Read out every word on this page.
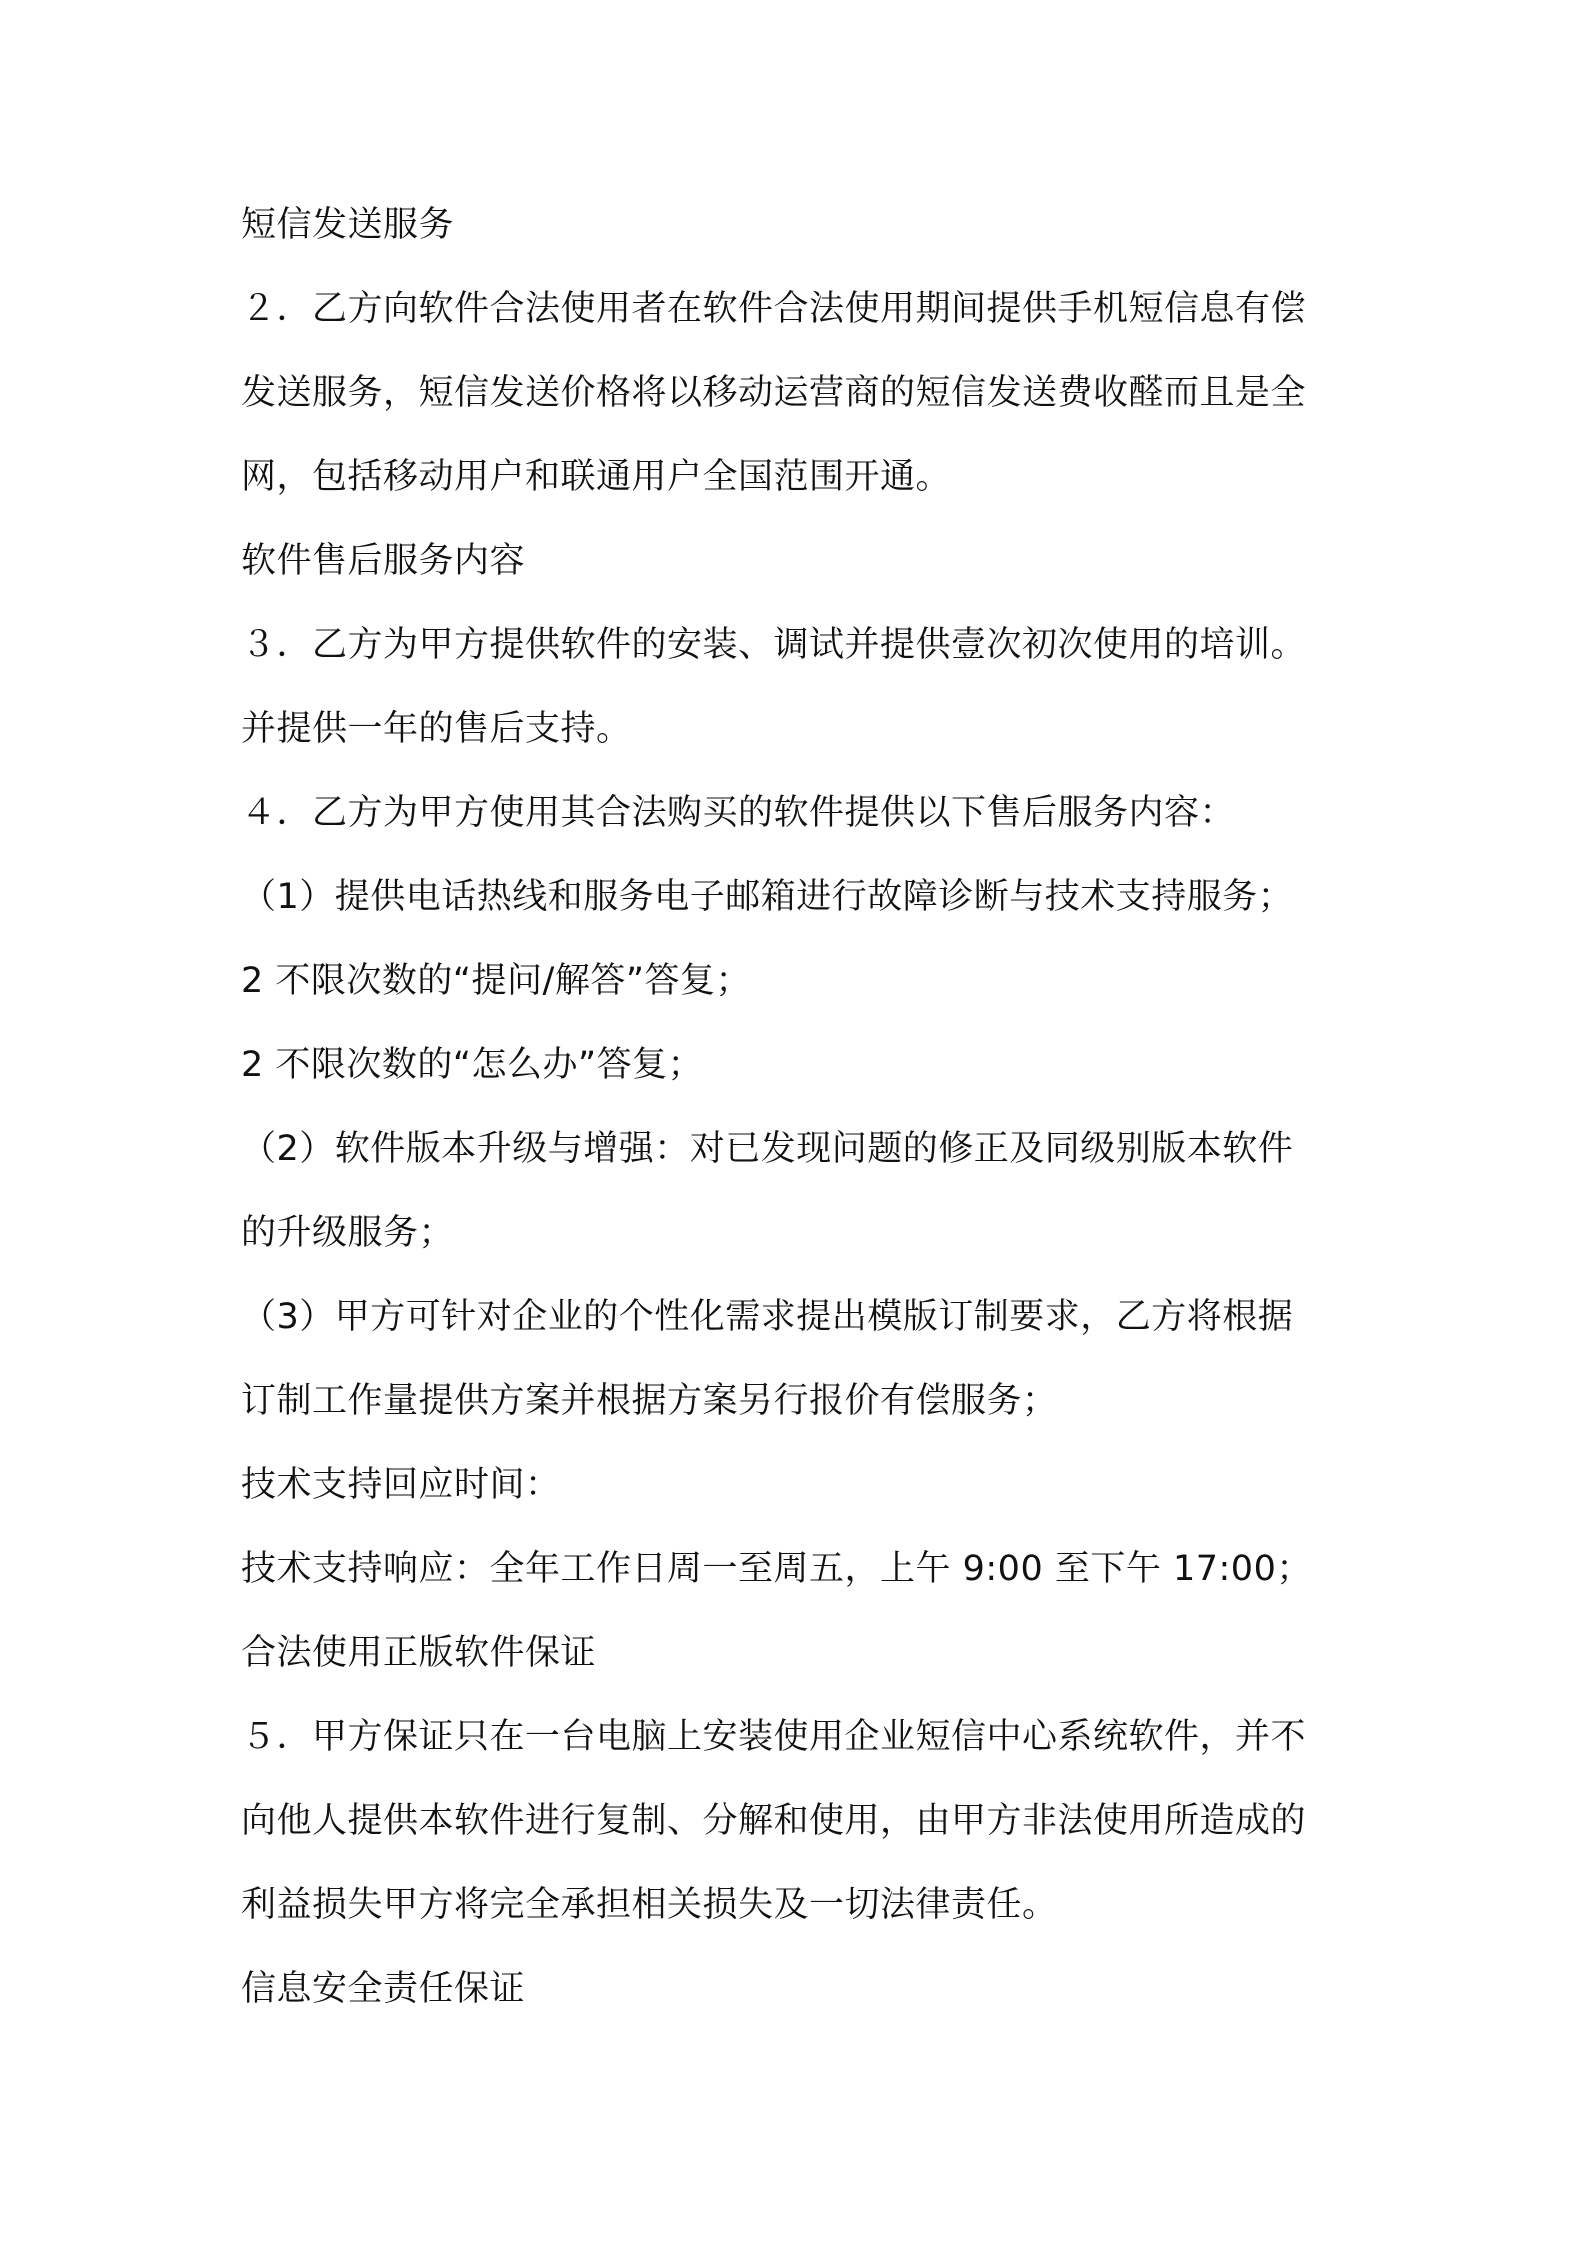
短信发送服务
２．乙方向软件合法使用者在软件合法使用期间提供手机短信息有偿
发送服务，短信发送价格将以移动运营商的短信发送费收醛而且是全
网，包括移动用户和联通用户全国范围开通。
软件售后服务内容
３．乙方为甲方提供软件的安装、调试并提供壹次初次使用的培训。
并提供一年的售后支持。
４．乙方为甲方使用其合法购买的软件提供以下售后服务内容：
（1）提供电话热线和服务电子邮箱进行故障诊断与技术支持服务；
2 不限次数的“提问/解答”答复；
2 不限次数的“怎么办”答复；
（2）软件版本升级与增强：对已发现问题的修正及同级别版本软件
的升级服务；
（3）甲方可针对企业的个性化需求提出模版订制要求，乙方将根据
订制工作量提供方案并根据方案另行报价有偿服务；
技术支持回应时间：
技术支持响应：全年工作日周一至周五，上午 9:00 至下午 17:00；
合法使用正版软件保证
５．甲方保证只在一台电脑上安装使用企业短信中心系统软件，并不
向他人提供本软件进行复制、分解和使用，由甲方非法使用所造成的
利益损失甲方将完全承担相关损失及一切法律责任。
信息安全责任保证
